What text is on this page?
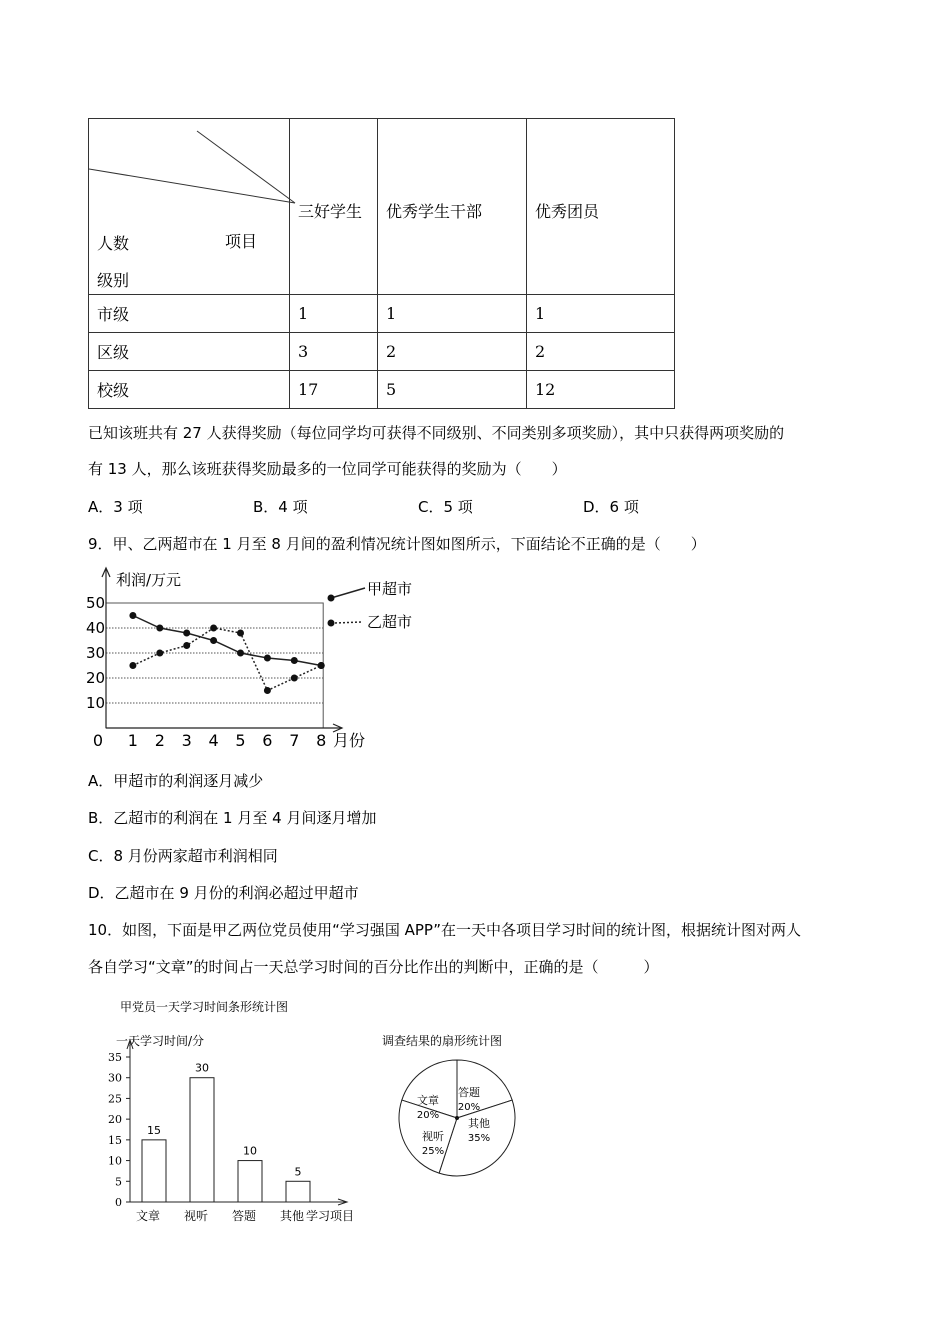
项目
人数
级别	三好学生	优秀学生干部	优秀团员
市级	1	1	1
区级	3	2	2
校级	17	5	12
已知该班共有 27 人获得奖励（每位同学均可获得不同级别、不同类别多项奖励），其中只获得两项奖励的
有 13 人，那么该班获得奖励最多的一位同学可能获得的奖励为（　　）
A．3 项	B．4 项	C．5 项	D．6 项
9．甲、乙两超市在 1 月至 8 月间的盈利情况统计图如图所示，下面结论不正确的是（　　）
利润/万元
月份
10
20
30
40
50
0 1 2 3 4 5 6 7 8
甲超市
乙超市
A．甲超市的利润逐月减少
B．乙超市的利润在 1 月至 4 月间逐月增加
C．8 月份两家超市利润相同
D．乙超市在 9 月份的利润必超过甲超市
10．如图，下面是甲乙两位党员使用“学习强国 APP”在一天中各项目学习时间的统计图，根据统计图对两人
各自学习“文章”的时间占一天总学习时间的百分比作出的判断中，正确的是（　　　）
甲党员一天学习时间条形统计图
一天学习时间/分
学习项目
0
5
10
15
20
25
30
35
文章 视听 答题 其他
15
30
10
5
调查结果的扇形统计图
文章
20%
答题
20%
其他
35%
视听
25%
